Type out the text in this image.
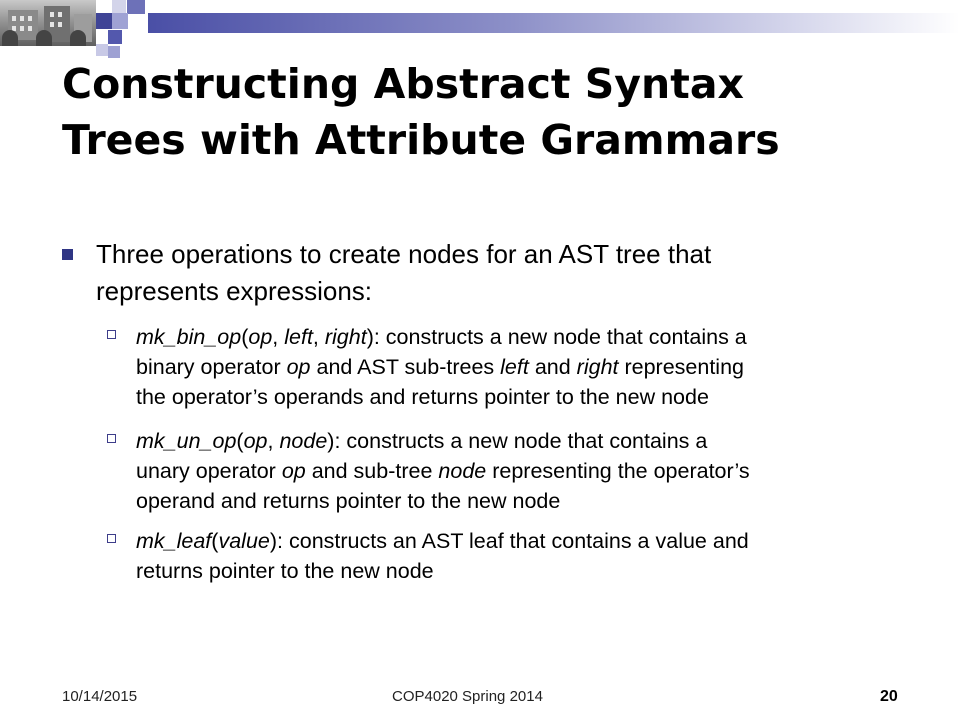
Constructing Abstract Syntax
Trees with Attribute Grammars
Three operations to create nodes for an AST tree that
represents expressions:
mk_bin_op(op, left, right): constructs a new node that contains a
binary operator op and AST sub-trees left and right representing
the operator’s operands and returns pointer to the new node
mk_un_op(op, node): constructs a new node that contains a
unary operator op and sub-tree node representing the operator’s
operand and returns pointer to the new node
mk_leaf(value): constructs an AST leaf that contains a value and
returns pointer to the new node
10/14/2015	COP4020 Spring 2014	20
